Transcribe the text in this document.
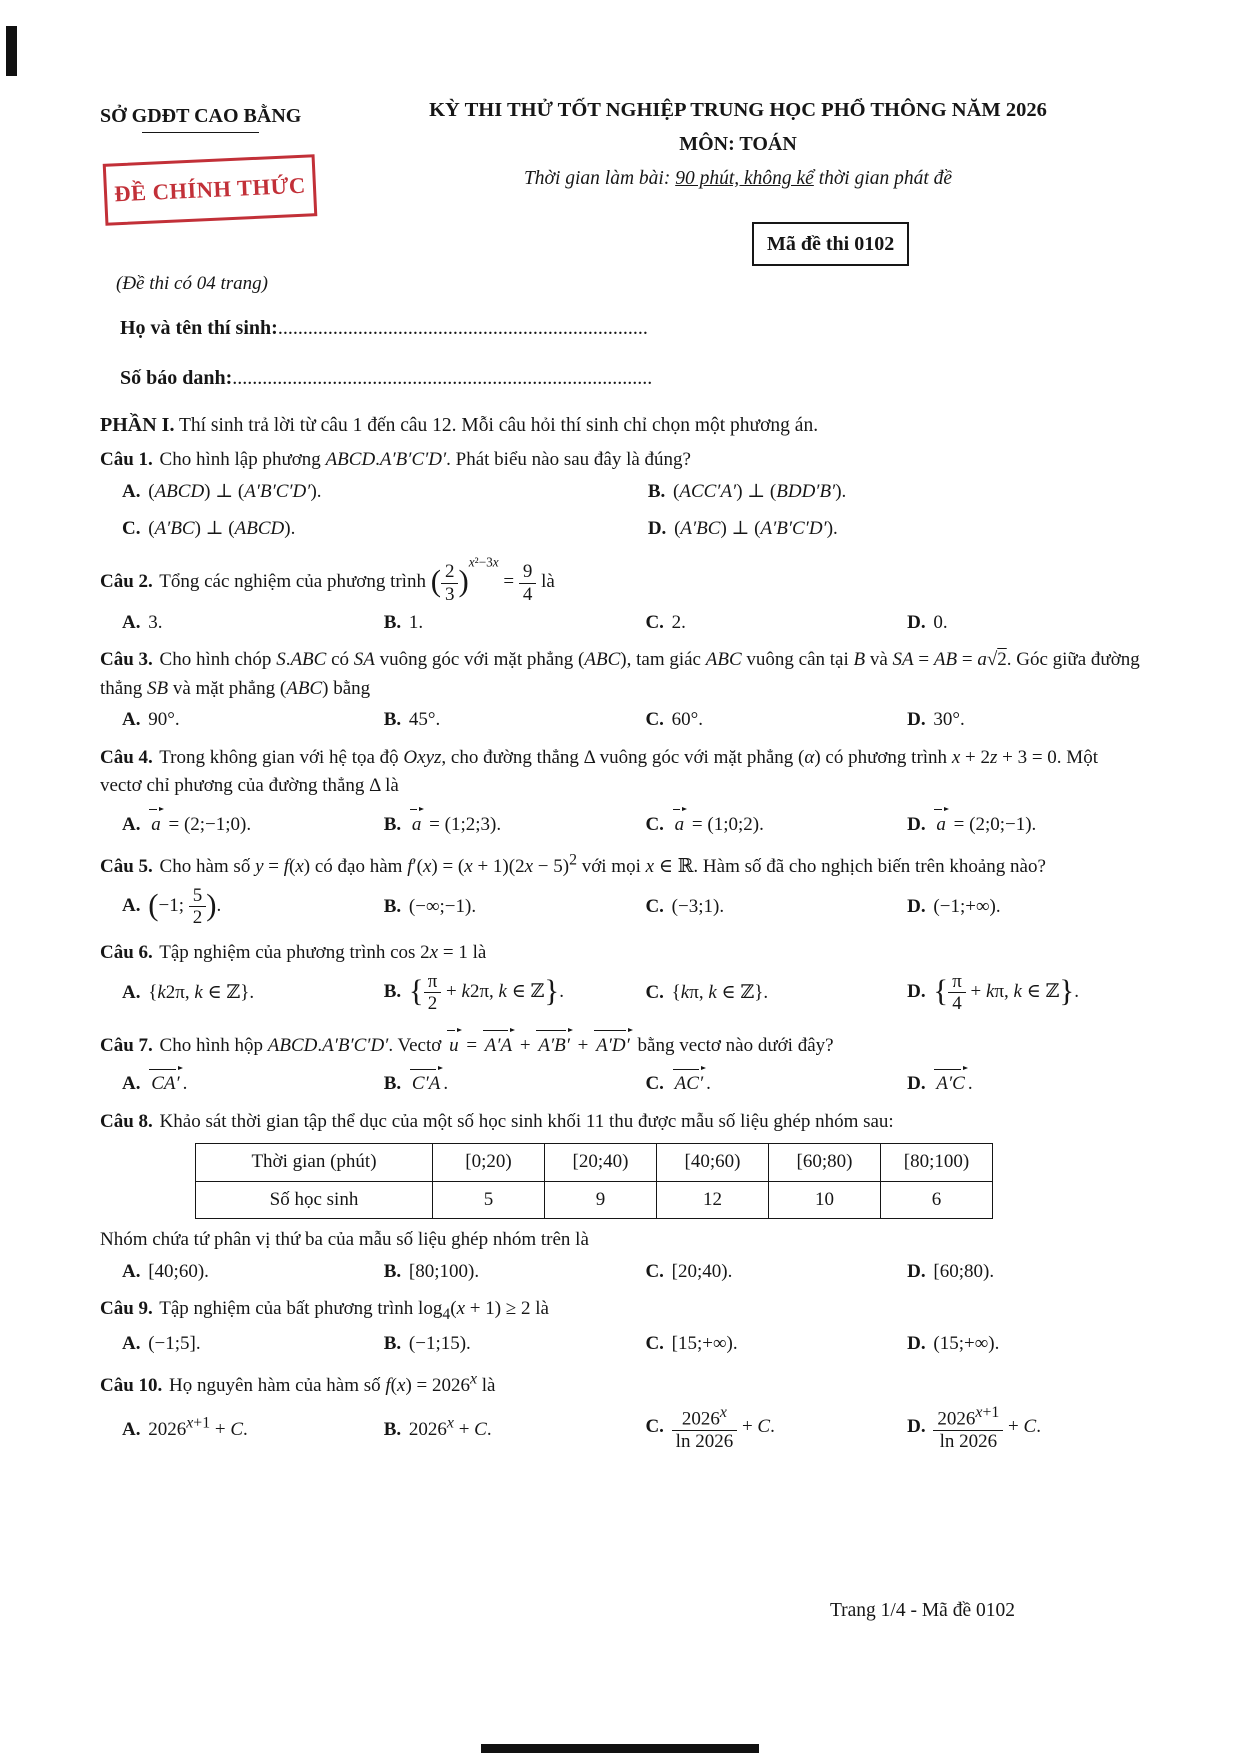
SỞ GDĐT CAO BẰNG
ĐỀ CHÍNH THỨC
KỲ THI THỬ TỐT NGHIỆP TRUNG HỌC PHỔ THÔNG NĂM 2026
MÔN: TOÁN
Thời gian làm bài: 90 phút, không kể thời gian phát đề
Mã đề thi 0102
(Đề thi có 04 trang)
Họ và tên thí sinh:..........................................................................
Số báo danh:....................................................................................

PHẦN I. Thí sinh trả lời từ câu 1 đến câu 12. Mỗi câu hỏi thí sinh chỉ chọn một phương án.

Câu 1. Cho hình lập phương ABCD.A′B′C′D′. Phát biểu nào sau đây là đúng?

A. (ABCD) ⊥ (A′B′C′D′).	B. (ACC′A′) ⊥ (BDD′B′).
C. (A′BC) ⊥ (ABCD).	D. (A′BC) ⊥ (A′B′C′D′).

Câu 2. Tổng các nghiệm của phương trình ( $\frac{2}{3} )^{x^2-3x} = \frac{9}{4}$ là

A. 3.	B. 1.	C. 2.	D. 0.

Câu 3. Cho hình chóp S.ABC có SA vuông góc với mặt phẳng (ABC), tam giác ABC vuông cân tại B và SA = AB = a√2. Góc giữa đường thẳng SB và mặt phẳng (ABC) bằng

A. 90°.	B. 45°.	C. 60°.	D. 30°.

Câu 4. Trong không gian với hệ tọa độ Oxyz, cho đường thẳng Δ vuông góc với mặt phẳng (α) có phương trình x + 2z + 3 = 0. Một vectơ chỉ phương của đường thẳng Δ là

A. a = (2;−1;0).	B. a = (1;2;3).	C. a = (1;0;2).	D. a = (2;0;−1).

Câu 5. Cho hàm số y = f(x) có đạo hàm $f'(x) = (x + 1)(2x - 5)^2$ với mọi x ∈ ℝ. Hàm số đã cho nghịch biến trên khoảng nào?

A. (−1; $\frac{5}{2}$ ).	B. (−∞;−1).	C. (−3;1).	D. (−1;+∞).

Câu 6. Tập nghiệm của phương trình cos 2x = 1 là

A. {k2π, k ∈ ℤ}.	B. { $\frac{\pi}{2} + k2\pi$, k ∈ ℤ}.	C. {kπ, k ∈ ℤ}.	D. { $\frac{\pi}{4} + k\pi$, k ∈ ℤ}.

Câu 7. Cho hình hộp ABCD.A′B′C′D′. Vectơ u = A′A + A′B′ + A′D′ bằng vectơ nào dưới đây?

A. CA′ .	B. C′A .	C. AC′ .	D. A′C .

Câu 8. Khảo sát thời gian tập thể dục của một số học sinh khối 11 thu được mẫu số liệu ghép nhóm sau:

Thời gian (phút)	[0;20)	[20;40)	[40;60)	[60;80)	[80;100)
Số học sinh	5	9	12	10	6

Nhóm chứa tứ phân vị thứ ba của mẫu số liệu ghép nhóm trên là

A. [40;60).	B. [80;100).	C. [20;40).	D. [60;80).

Câu 9. Tập nghiệm của bất phương trình $\log_4(x + 1) \ge 2$ là

A. (−1;5].	B. (−1;15).	C. [15;+∞).	D. (15;+∞).

Câu 10. Họ nguyên hàm của hàm số $f(x) = 2026^x$ là

A. $2026^{x+1} + C$.	B. $2026^x + C$.	C. $\frac{2026^x}{\ln 2026} + C$.	D. $\frac{2026^{x+1}}{\ln 2026} + C$.
Trang 1/4 - Mã đề 0102
